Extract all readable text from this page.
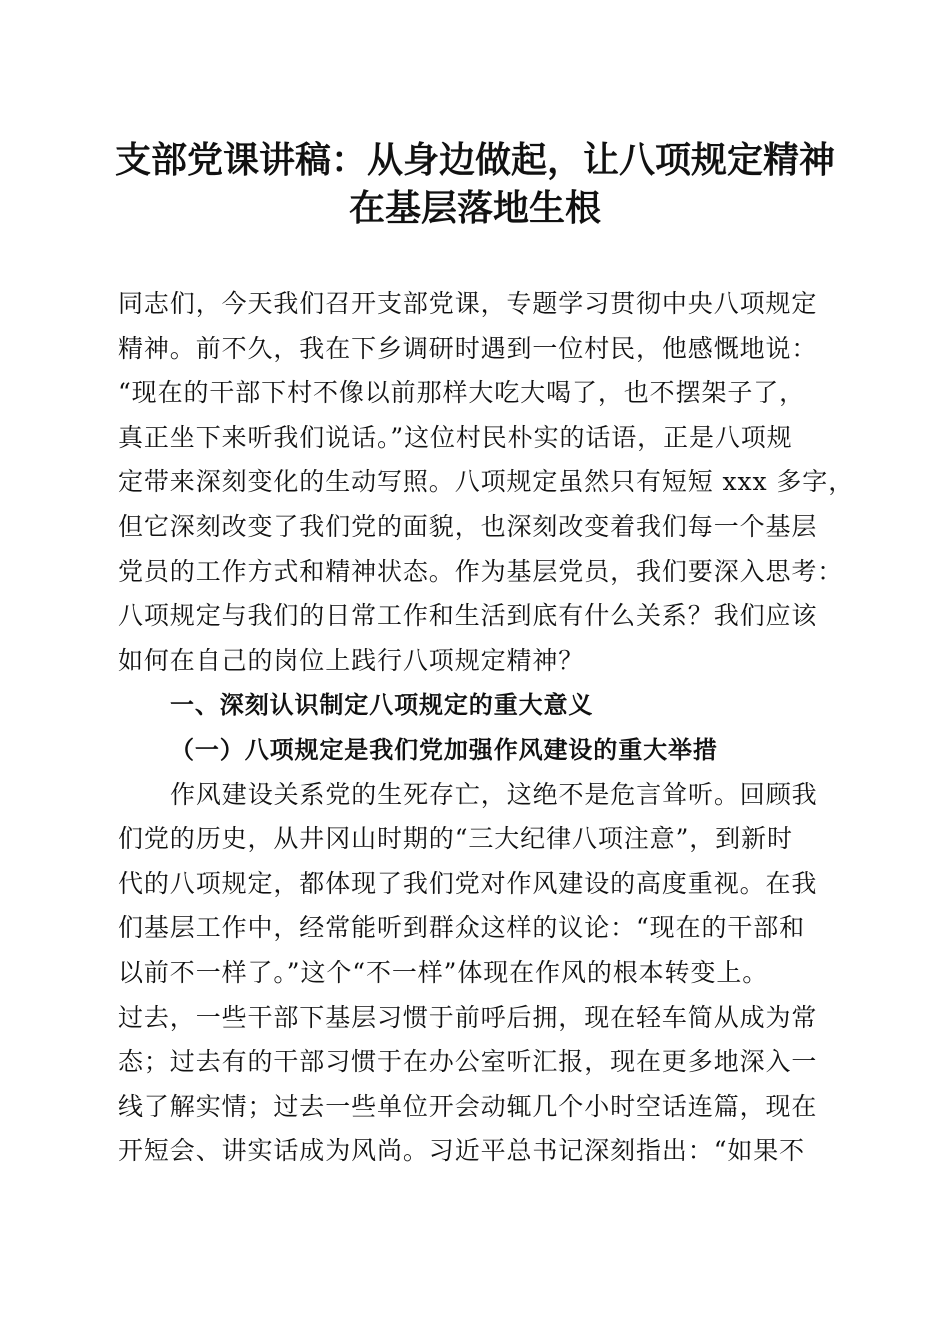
支部党课讲稿：从身边做起，让八项规定精神
在基层落地生根
同志们，今天我们召开支部党课，专题学习贯彻中央八项规定
精神。前不久，我在下乡调研时遇到一位村民，他感慨地说：
“现在的干部下村不像以前那样大吃大喝了，也不摆架子了，
真正坐下来听我们说话。”这位村民朴实的话语，正是八项规
定带来深刻变化的生动写照。八项规定虽然只有短短 xxx 多字，
但它深刻改变了我们党的面貌，也深刻改变着我们每一个基层
党员的工作方式和精神状态。作为基层党员，我们要深入思考：
八项规定与我们的日常工作和生活到底有什么关系？我们应该
如何在自己的岗位上践行八项规定精神？
一、深刻认识制定八项规定的重大意义
（一）八项规定是我们党加强作风建设的重大举措
作风建设关系党的生死存亡，这绝不是危言耸听。回顾我
们党的历史，从井冈山时期的“三大纪律八项注意”，到新时
代的八项规定，都体现了我们党对作风建设的高度重视。在我
们基层工作中，经常能听到群众这样的议论：“现在的干部和
以前不一样了。”这个“不一样”体现在作风的根本转变上。
过去，一些干部下基层习惯于前呼后拥，现在轻车简从成为常
态；过去有的干部习惯于在办公室听汇报，现在更多地深入一
线了解实情；过去一些单位开会动辄几个小时空话连篇，现在
开短会、讲实话成为风尚。习近平总书记深刻指出：“如果不
